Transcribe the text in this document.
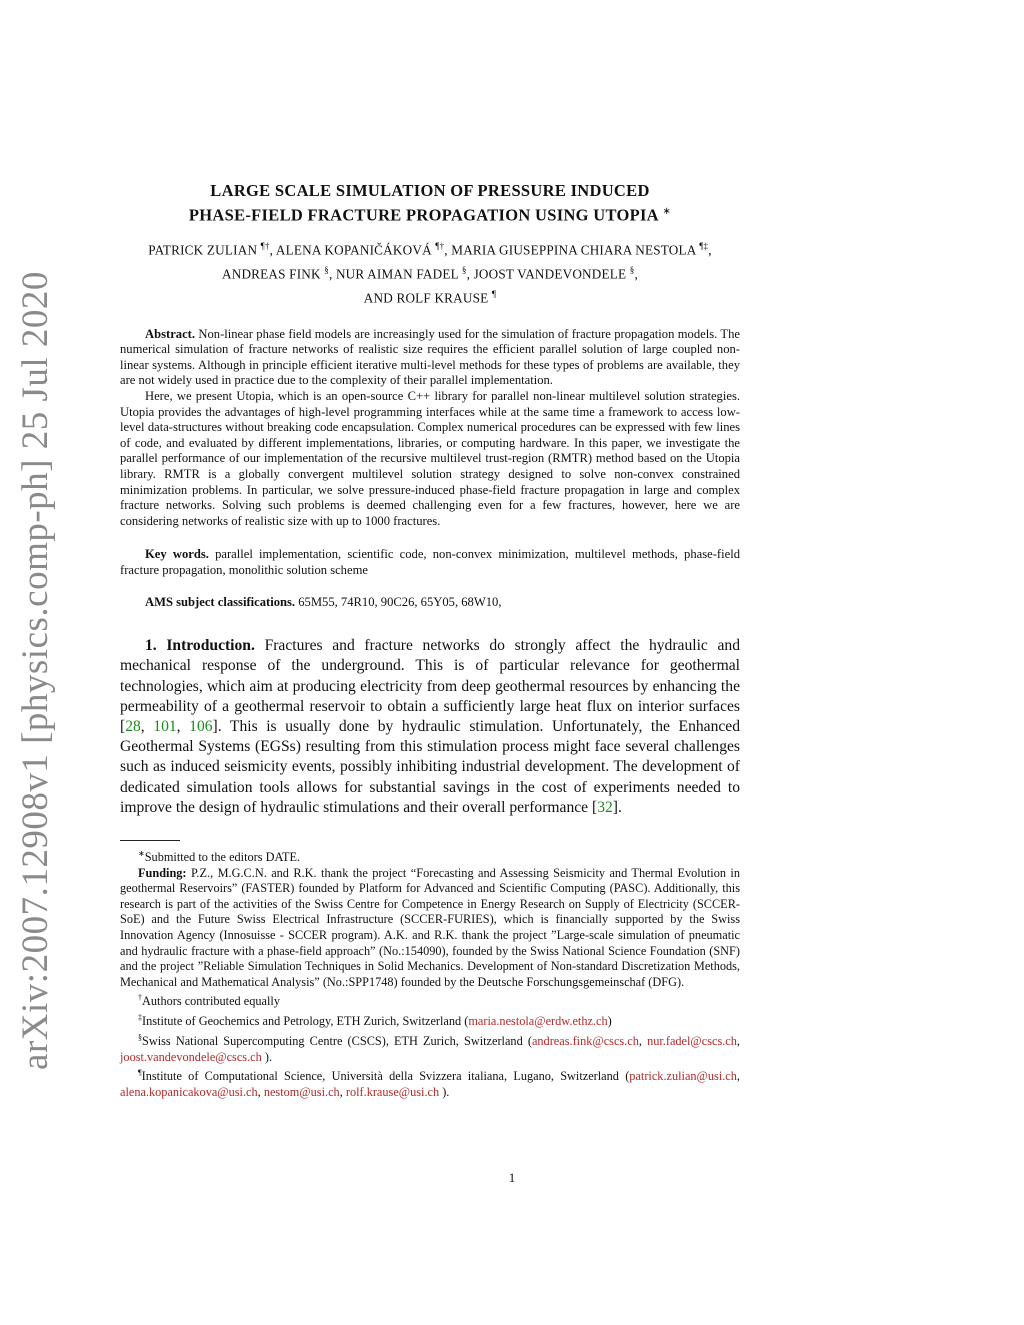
arXiv:2007.12908v1 [physics.comp-ph] 25 Jul 2020
LARGE SCALE SIMULATION OF PRESSURE INDUCED
PHASE-FIELD FRACTURE PROPAGATION USING UTOPIA ∗
PATRICK ZULIAN ¶†, ALENA KOPANIČÁKOVÁ ¶†, MARIA GIUSEPPINA CHIARA NESTOLA ¶‡, ANDREAS FINK §, NUR AIMAN FADEL §, JOOST VANDEVONDELE §,
AND ROLF KRAUSE ¶

Abstract. Non-linear phase field models are increasingly used for the simulation of fracture propagation models. The numerical simulation of fracture networks of realistic size requires the efficient parallel solution of large coupled non-linear systems. Although in principle efficient iterative multi-level methods for these types of problems are available, they are not widely used in practice due to the complexity of their parallel implementation.

Here, we present Utopia, which is an open-source C++ library for parallel non-linear multilevel solution strategies. Utopia provides the advantages of high-level programming interfaces while at the same time a framework to access low-level data-structures without breaking code encapsulation. Complex numerical procedures can be expressed with few lines of code, and evaluated by different implementations, libraries, or computing hardware. In this paper, we investigate the parallel performance of our implementation of the recursive multilevel trust-region (RMTR) method based on the Utopia library. RMTR is a globally convergent multilevel solution strategy designed to solve non-convex constrained minimization problems. In particular, we solve pressure-induced phase-field fracture propagation in large and complex fracture networks. Solving such problems is deemed challenging even for a few fractures, however, here we are considering networks of realistic size with up to 1000 fractures.

Key words. parallel implementation, scientific code, non-convex minimization, multilevel methods, phase-field fracture propagation, monolithic solution scheme

AMS subject classifications. 65M55, 74R10, 90C26, 65Y05, 68W10,

1. Introduction. Fractures and fracture networks do strongly affect the hydraulic and mechanical response of the underground. This is of particular relevance for geothermal technologies, which aim at producing electricity from deep geothermal resources by enhancing the permeability of a geothermal reservoir to obtain a sufficiently large heat flux on interior surfaces [28, 101, 106]. This is usually done by hydraulic stimulation. Unfortunately, the Enhanced Geothermal Systems (EGSs) resulting from this stimulation process might face several challenges such as induced seismicity events, possibly inhibiting industrial development. The development of dedicated simulation tools allows for substantial savings in the cost of experiments needed to improve the design of hydraulic stimulations and their overall performance [32].

∗Submitted to the editors DATE.

Funding: P.Z., M.G.C.N. and R.K. thank the project “Forecasting and Assessing Seismicity and Thermal Evolution in geothermal Reservoirs” (FASTER) founded by Platform for Advanced and Scientific Computing (PASC). Additionally, this research is part of the activities of the Swiss Centre for Competence in Energy Research on Supply of Electricity (SCCER-SoE) and the Future Swiss Electrical Infrastructure (SCCER-FURIES), which is financially supported by the Swiss Innovation Agency (Innosuisse - SCCER program). A.K. and R.K. thank the project ”Large-scale simulation of pneumatic and hydraulic fracture with a phase-field approach” (No.:154090), founded by the Swiss National Science Foundation (SNF) and the project ”Reliable Simulation Techniques in Solid Mechanics. Development of Non-standard Discretization Methods, Mechanical and Mathematical Analysis” (No.:SPP1748) founded by the Deutsche Forschungsgemeinschaf (DFG).

†Authors contributed equally

‡Institute of Geochemics and Petrology, ETH Zurich, Switzerland (maria.nestola@erdw.ethz.ch)

§Swiss National Supercomputing Centre (CSCS), ETH Zurich, Switzerland (andreas.fink@cscs.ch, nur.fadel@cscs.ch, joost.vandevondele@cscs.ch ).

¶Institute of Computational Science, Università della Svizzera italiana, Lugano, Switzerland (patrick.zulian@usi.ch, alena.kopanicakova@usi.ch, nestom@usi.ch, rolf.krause@usi.ch ).

1
